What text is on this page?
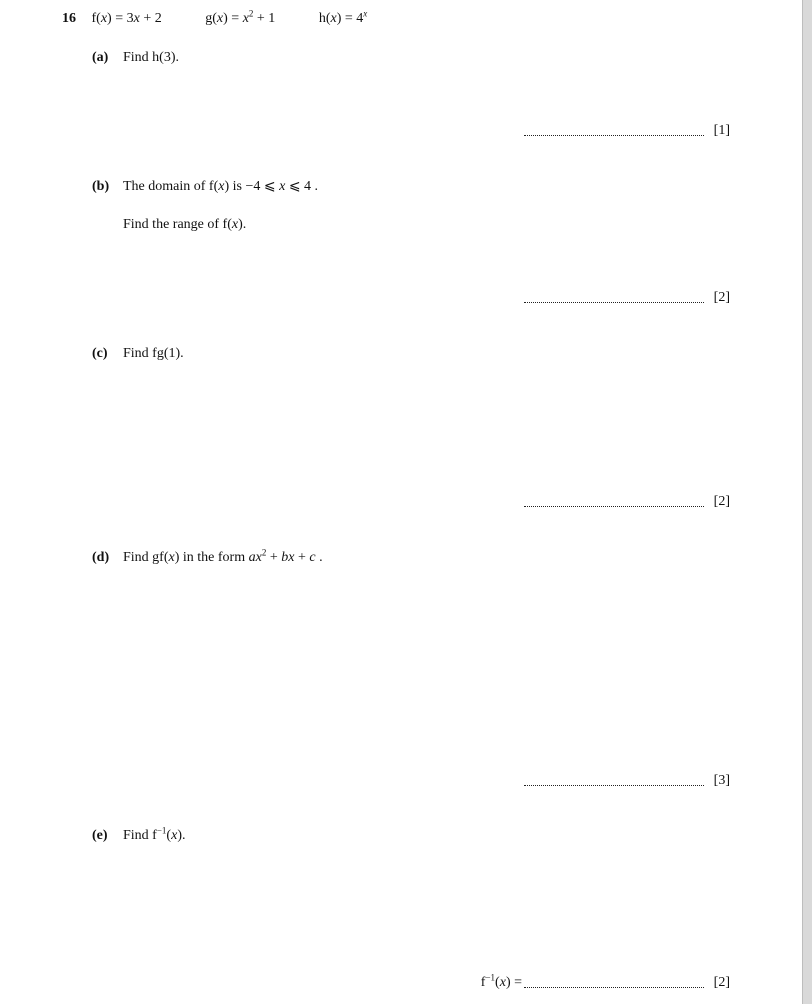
16 f(x) = 3x + 2	$g(x) = x^2 + 1$	$h(x) = 4^x$
(a) Find h(3).
[1]
(b) The domain of f(x) is −4 ⩽ x ⩽ 4 .
Find the range of f(x).
[2]
(c) Find fg(1).
[2]
(d) Find gf(x) in the form $ax^2$ + bx + c .
[3]
(e) Find $f^{-1}(x)$.
$f^{-1}(x)$ =	[2]
